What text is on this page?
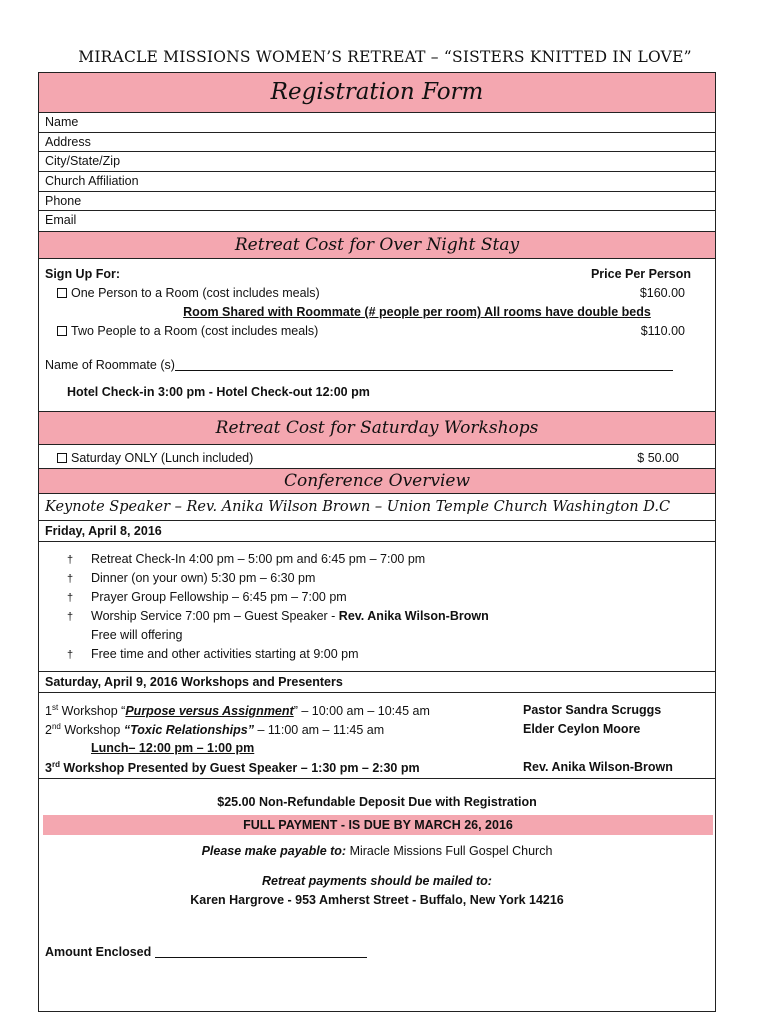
MIRACLE MISSIONS WOMEN’S RETREAT – “SISTERS KNITTED IN LOVE”
Registration Form
Name
Address
City/State/Zip
Church Affiliation
Phone
Email
Retreat Cost for Over Night Stay
Sign Up For:	Price Per Person
One Person to a Room (cost includes meals)	$160.00
Room Shared with Roommate (# people per room) All rooms have double beds
Two People to a Room (cost includes meals)	$110.00
Name of Roommate (s)
Hotel Check-in 3:00 pm - Hotel Check-out 12:00 pm
Retreat Cost for Saturday Workshops
Saturday ONLY (Lunch included)	$ 50.00
Conference Overview
Keynote Speaker – Rev. Anika Wilson Brown – Union Temple Church Washington D.C
Friday, April 8, 2016
† Retreat Check-In 4:00 pm – 5:00 pm and 6:45 pm – 7:00 pm
† Dinner (on your own) 5:30 pm – 6:30 pm
† Prayer Group Fellowship – 6:45 pm – 7:00 pm
† Worship Service 7:00 pm – Guest Speaker - Rev. Anika Wilson-Brown
Free will offering
† Free time and other activities starting at 9:00 pm
Saturday, April 9, 2016 Workshops and Presenters
1st Workshop “Purpose versus Assignment” – 10:00 am – 10:45 am	Pastor Sandra Scruggs
2nd Workshop “Toxic Relationships” – 11:00 am – 11:45 am	Elder Ceylon Moore
Lunch– 12:00 pm – 1:00 pm
3rd Workshop Presented by Guest Speaker – 1:30 pm – 2:30 pm	Rev. Anika Wilson-Brown
$25.00 Non-Refundable Deposit Due with Registration
FULL PAYMENT - IS DUE BY MARCH 26, 2016
Please make payable to: Miracle Missions Full Gospel Church
Retreat payments should be mailed to:
Karen Hargrove - 953 Amherst Street - Buffalo, New York 14216
Amount Enclosed
